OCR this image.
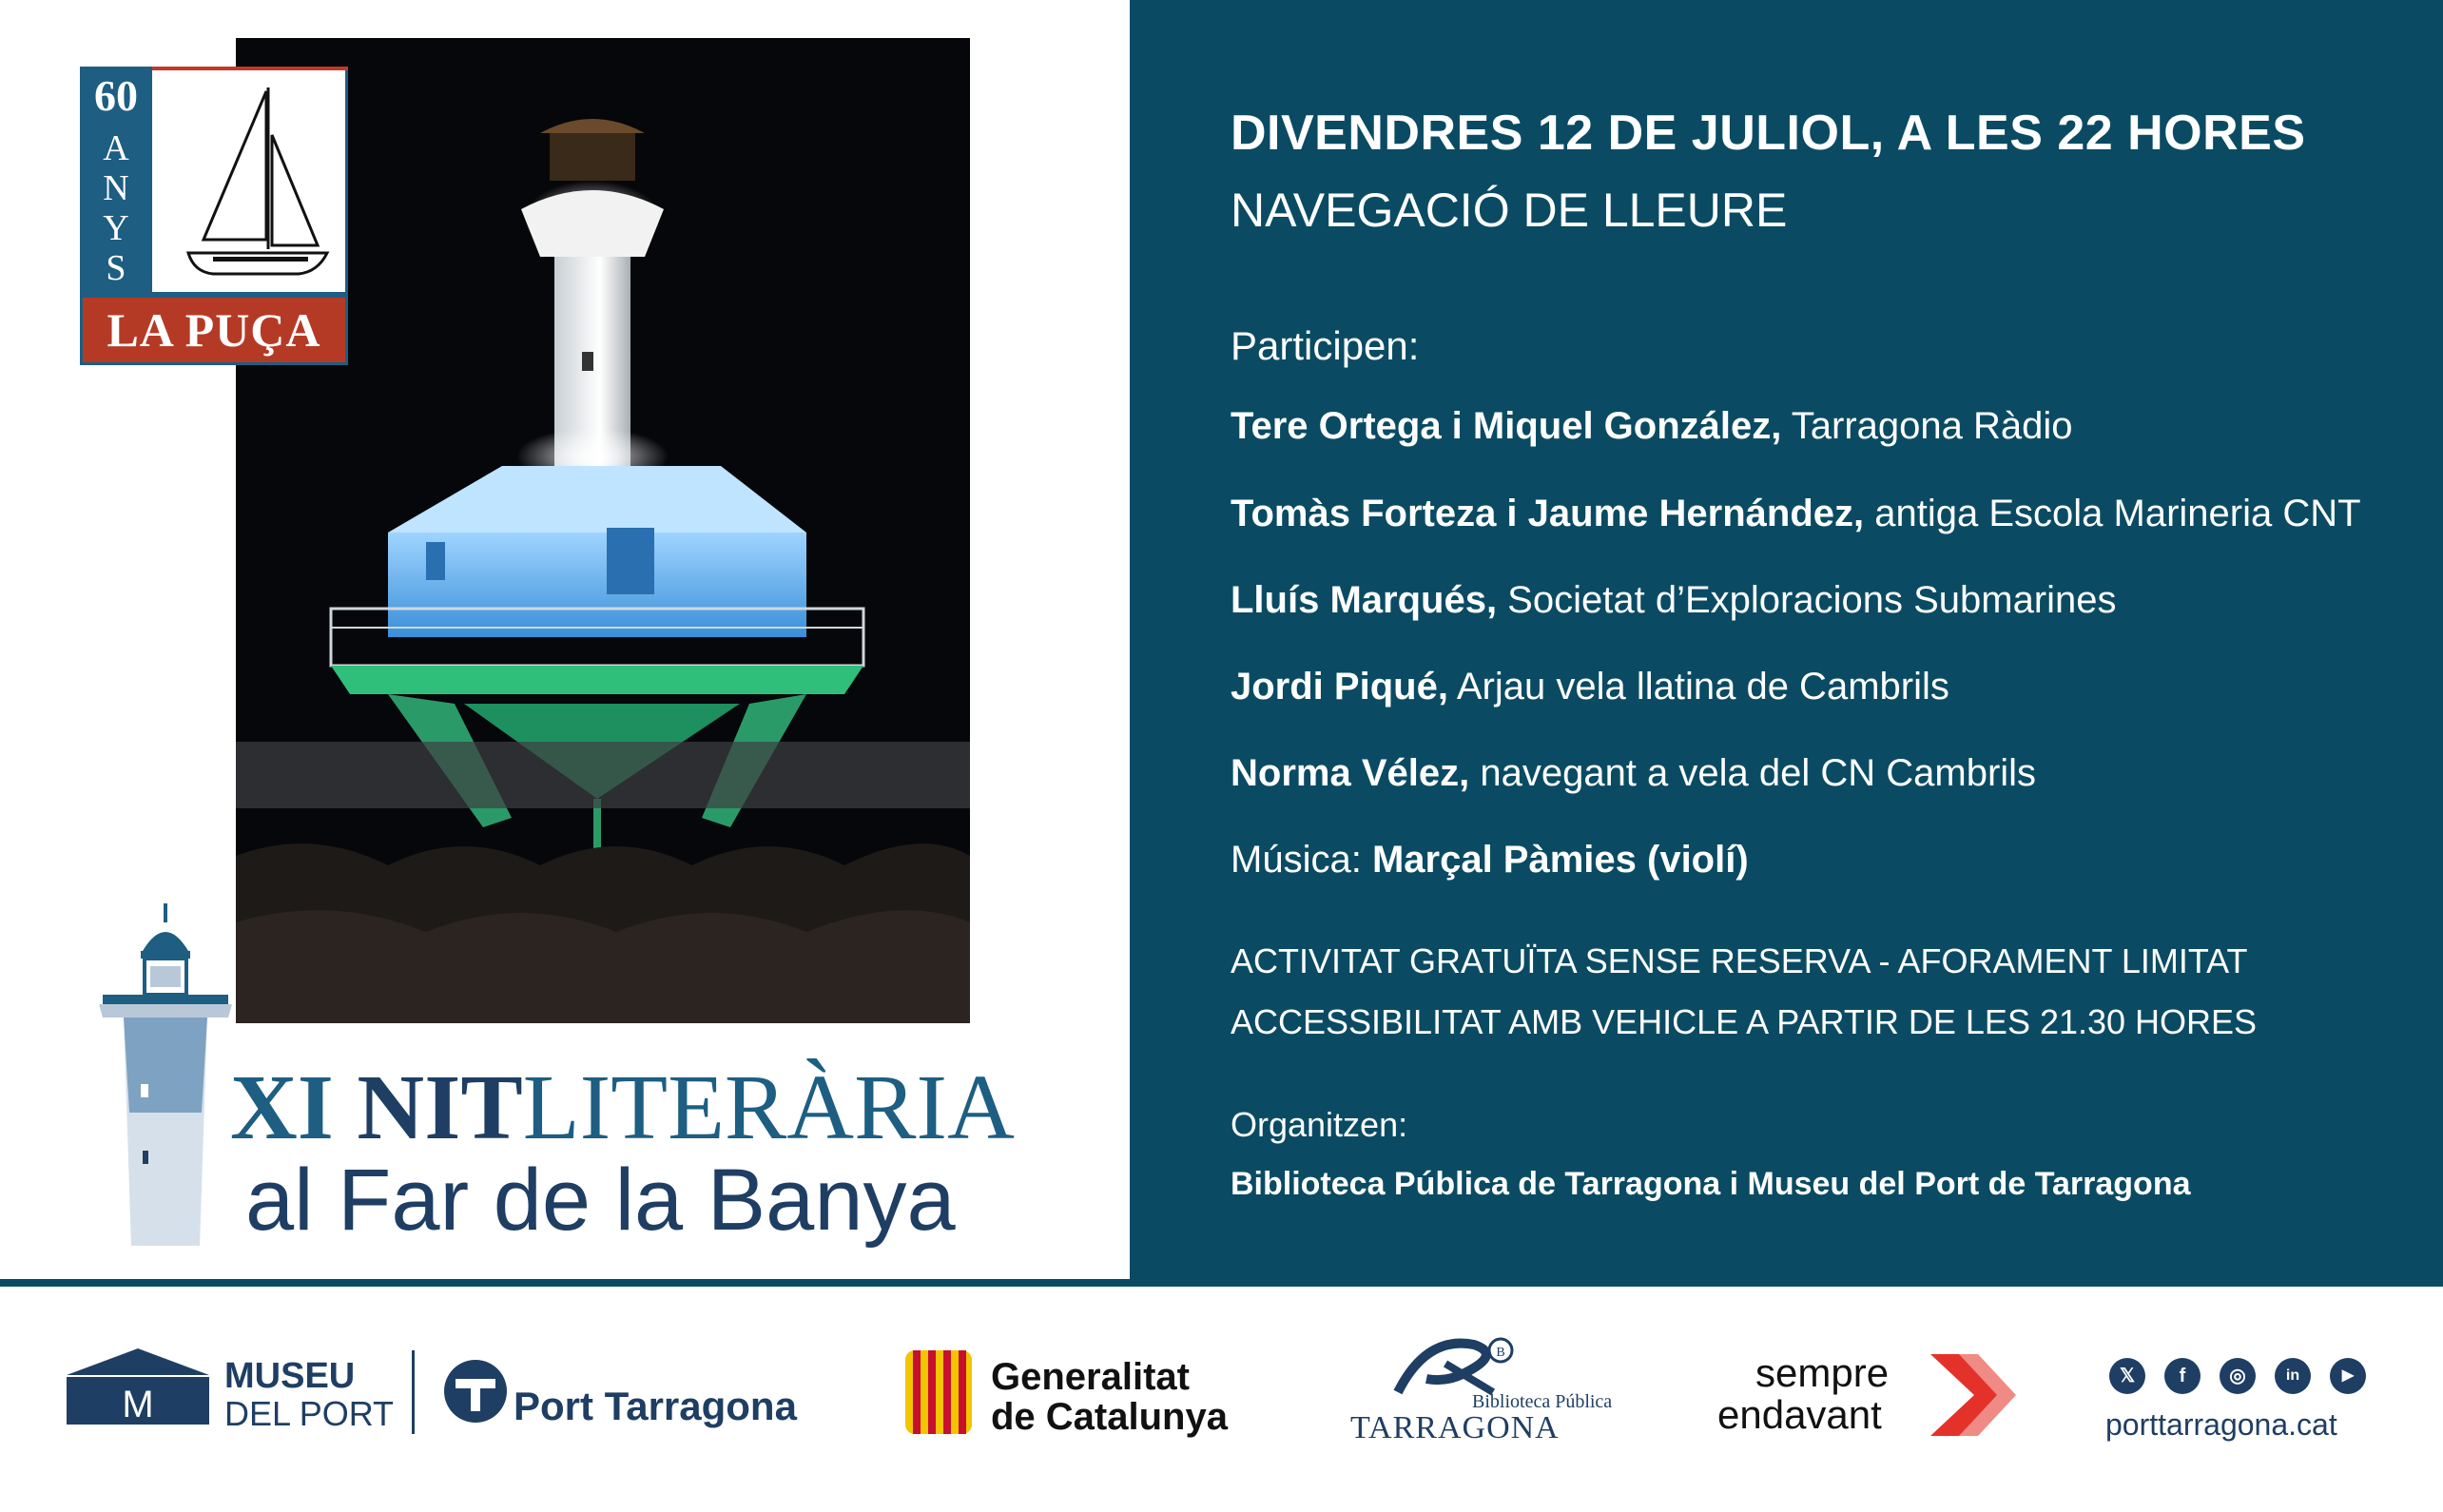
60
A
N
Y
S
LA PUÇA
XI NITLITERÀRIA
al Far de la Banya
DIVENDRES 12 DE JULIOL, A LES 22 HORES
NAVEGACIÓ DE LLEURE
Participen:
Tere Ortega i Miquel González, Tarragona Ràdio
Tomàs Forteza i Jaume Hernández, antiga Escola Marineria CNT
Lluís Marqués, Societat d’Exploracions Submarines
Jordi Piqué, Arjau vela llatina de Cambrils
Norma Vélez, navegant a vela del CN Cambrils
Música: Marçal Pàmies (violí)
ACTIVITAT GRATUÏTA SENSE RESERVA - AFORAMENT LIMITAT
ACCESSIBILITAT AMB VEHICLE A PARTIR DE LES 21.30 HORES
Organitzen:
Biblioteca Pública de Tarragona i Museu del Port de Tarragona
M
MUSEU
DEL PORT	Port Tarragona
Generalitat
de Catalunya
B
Biblioteca Pública
TARRAGONA
sempre
endavant
𝕏	f	◎	in	▶
porttarragona.cat
